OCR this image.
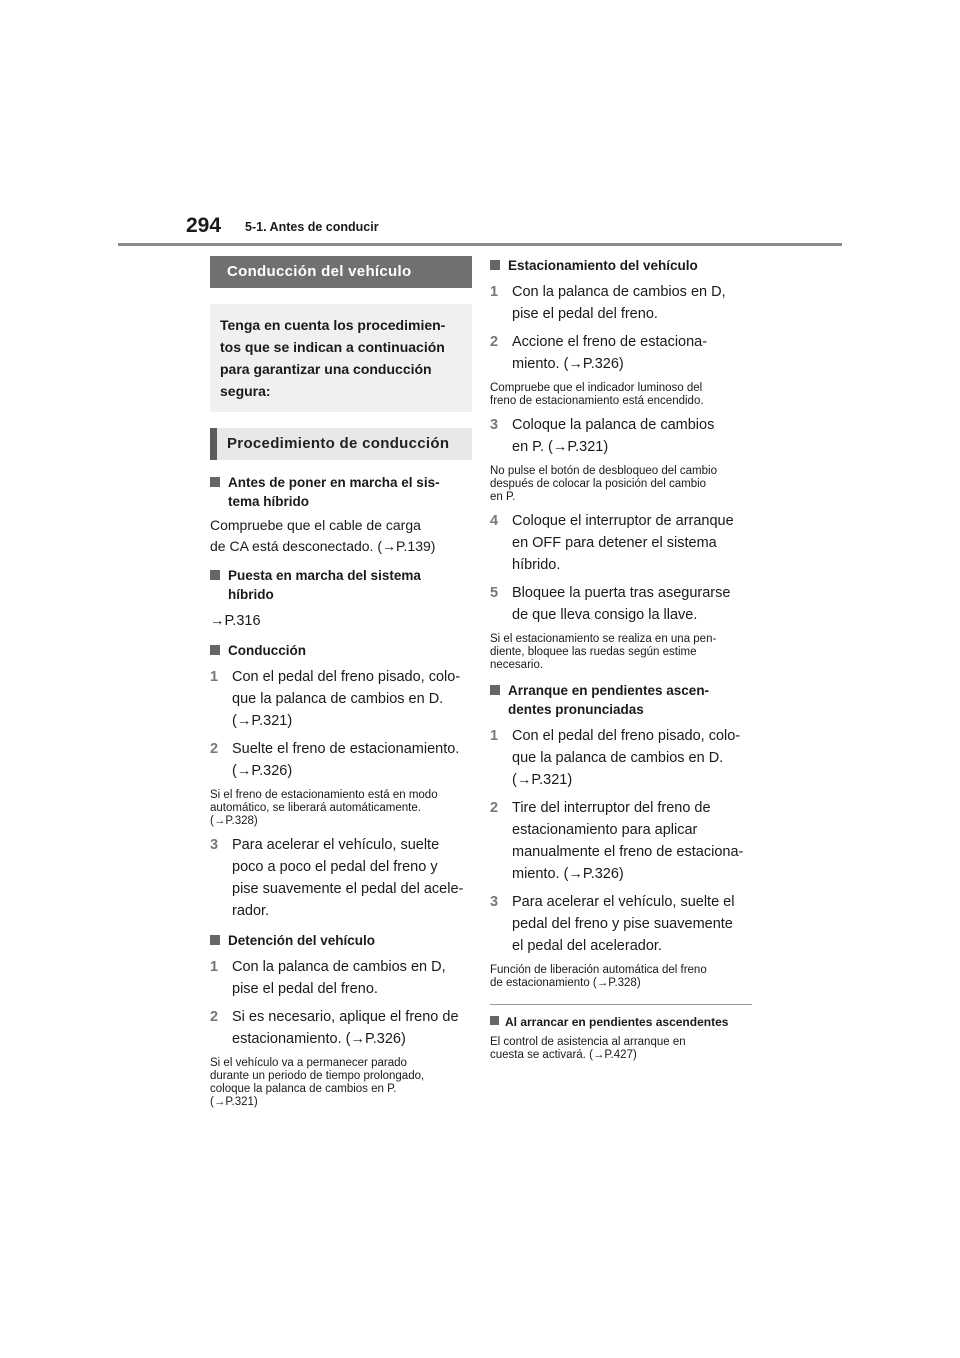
294 5-1. Antes de conducir
Conducción del vehículo
Tenga en cuenta los procedimien-
tos que se indican a continuación
para garantizar una conducción
segura:
Procedimiento de conducción
Antes de poner en marcha el sis-
tema híbrido
Compruebe que el cable de carga
de CA está desconectado. (→P.139)
Puesta en marcha del sistema
híbrido
→P.316
Conducción
1 Con el pedal del freno pisado, colo-
que la palanca de cambios en D.
(→P.321)
2 Suelte el freno de estacionamiento.
(→P.326)
Si el freno de estacionamiento está en modo
automático, se liberará automáticamente.
(→P.328)
3 Para acelerar el vehículo, suelte
poco a poco el pedal del freno y
pise suavemente el pedal del acele-
rador.
Detención del vehículo
1 Con la palanca de cambios en D,
pise el pedal del freno.
2 Si es necesario, aplique el freno de
estacionamiento. (→P.326)
Si el vehículo va a permanecer parado
durante un periodo de tiempo prolongado,
coloque la palanca de cambios en P.
(→P.321)
Estacionamiento del vehículo
1 Con la palanca de cambios en D,
pise el pedal del freno.
2 Accione el freno de estaciona-
miento. (→P.326)
Compruebe que el indicador luminoso del
freno de estacionamiento está encendido.
3 Coloque la palanca de cambios
en P. (→P.321)
No pulse el botón de desbloqueo del cambio
después de colocar la posición del cambio
en P.
4 Coloque el interruptor de arranque
en OFF para detener el sistema
híbrido.
5 Bloquee la puerta tras asegurarse
de que lleva consigo la llave.
Si el estacionamiento se realiza en una pen-
diente, bloquee las ruedas según estime
necesario.
Arranque en pendientes ascen-
dentes pronunciadas
1 Con el pedal del freno pisado, colo-
que la palanca de cambios en D.
(→P.321)
2 Tire del interruptor del freno de
estacionamiento para aplicar
manualmente el freno de estaciona-
miento. (→P.326)
3 Para acelerar el vehículo, suelte el
pedal del freno y pise suavemente
el pedal del acelerador.
Función de liberación automática del freno
de estacionamiento (→P.328)
Al arrancar en pendientes ascendentes
El control de asistencia al arranque en
cuesta se activará. (→P.427)
